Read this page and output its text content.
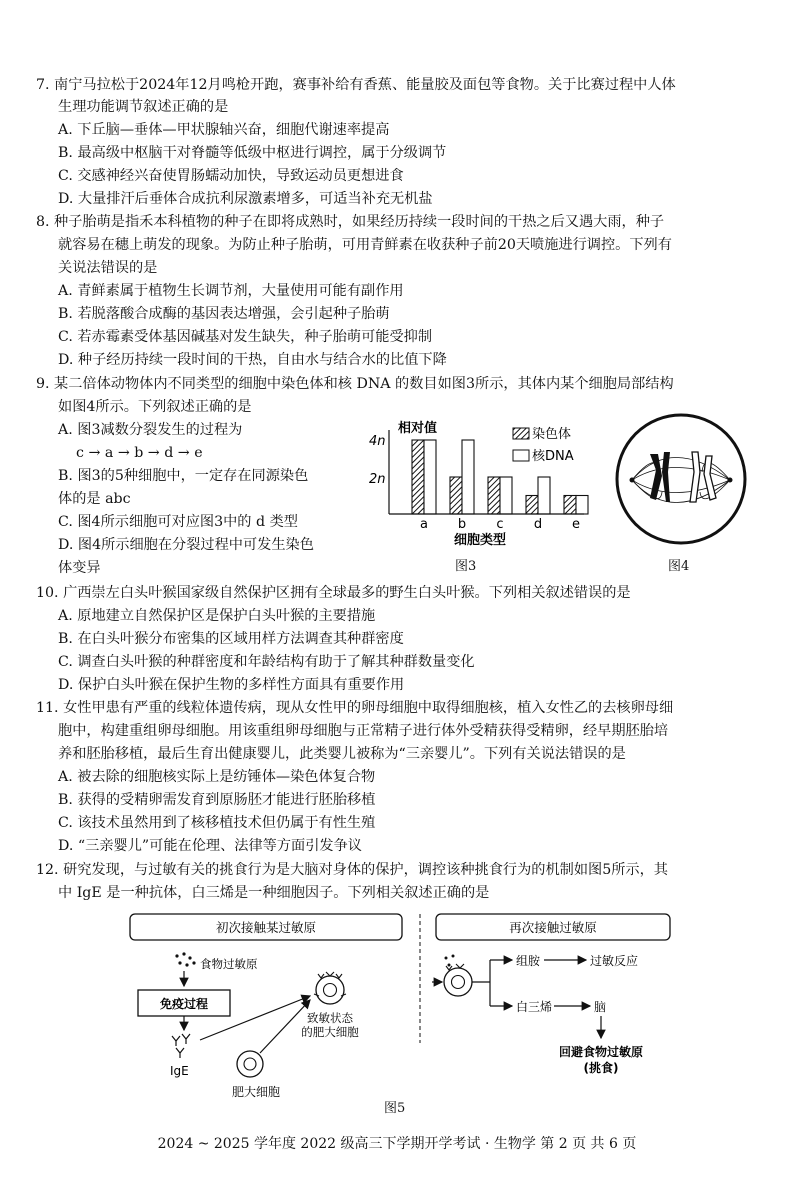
7. 南宁马拉松于2024年12月鸣枪开跑，赛事补给有香蕉、能量胶及面包等食物。关于比赛过程中人体
生理功能调节叙述正确的是
A. 下丘脑—垂体—甲状腺轴兴奋，细胞代谢速率提高
B. 最高级中枢脑干对脊髓等低级中枢进行调控，属于分级调节
C. 交感神经兴奋使胃肠蠕动加快，导致运动员更想进食
D. 大量排汗后垂体合成抗利尿激素增多，可适当补充无机盐
8. 种子胎萌是指禾本科植物的种子在即将成熟时，如果经历持续一段时间的干热之后又遇大雨，种子
就容易在穗上萌发的现象。为防止种子胎萌，可用青鲜素在收获种子前20天喷施进行调控。下列有
关说法错误的是
A. 青鲜素属于植物生长调节剂，大量使用可能有副作用
B. 若脱落酸合成酶的基因表达增强，会引起种子胎萌
C. 若赤霉素受体基因碱基对发生缺失，种子胎萌可能受抑制
D. 种子经历持续一段时间的干热，自由水与结合水的比值下降
9. 某二倍体动物体内不同类型的细胞中染色体和核 DNA 的数目如图3所示，其体内某个细胞局部结构
如图4所示。下列叙述正确的是
A. 图3减数分裂发生的过程为
c → a → b → d → e
B. 图3的5种细胞中，一定存在同源染色
体的是 abc
C. 图4所示细胞可对应图3中的 d 类型
D. 图4所示细胞在分裂过程中可发生染色
体变异
相对值
4n
2n
染色体
核DNA
a b c d e
细胞类型
图3	图4
10. 广西崇左白头叶猴国家级自然保护区拥有全球最多的野生白头叶猴。下列相关叙述错误的是
A. 原地建立自然保护区是保护白头叶猴的主要措施
B. 在白头叶猴分布密集的区域用样方法调查其种群密度
C. 调查白头叶猴的种群密度和年龄结构有助于了解其种群数量变化
D. 保护白头叶猴在保护生物的多样性方面具有重要作用
11. 女性甲患有严重的线粒体遗传病，现从女性甲的卵母细胞中取得细胞核，植入女性乙的去核卵母细
胞中，构建重组卵母细胞。用该重组卵母细胞与正常精子进行体外受精获得受精卵，经早期胚胎培
养和胚胎移植，最后生育出健康婴儿，此类婴儿被称为“三亲婴儿”。下列有关说法错误的是
A. 被去除的细胞核实际上是纺锤体—染色体复合物
B. 获得的受精卵需发育到原肠胚才能进行胚胎移植
C. 该技术虽然用到了核移植技术但仍属于有性生殖
D. “三亲婴儿”可能在伦理、法律等方面引发争议
12. 研究发现，与过敏有关的挑食行为是大脑对身体的保护，调控该种挑食行为的机制如图5所示，其
中 IgE 是一种抗体，白三烯是一种细胞因子。下列相关叙述正确的是
初次接触某过敏原	再次接触过敏原
食物过敏原
免疫过程
IgE
肥大细胞
致敏状态
的肥大细胞
组胺	过敏反应
白三烯	脑
回避食物过敏原
(挑食)
图5
2024 ~ 2025 学年度 2022 级高三下学期开学考试 · 生物学 第 2 页 共 6 页
